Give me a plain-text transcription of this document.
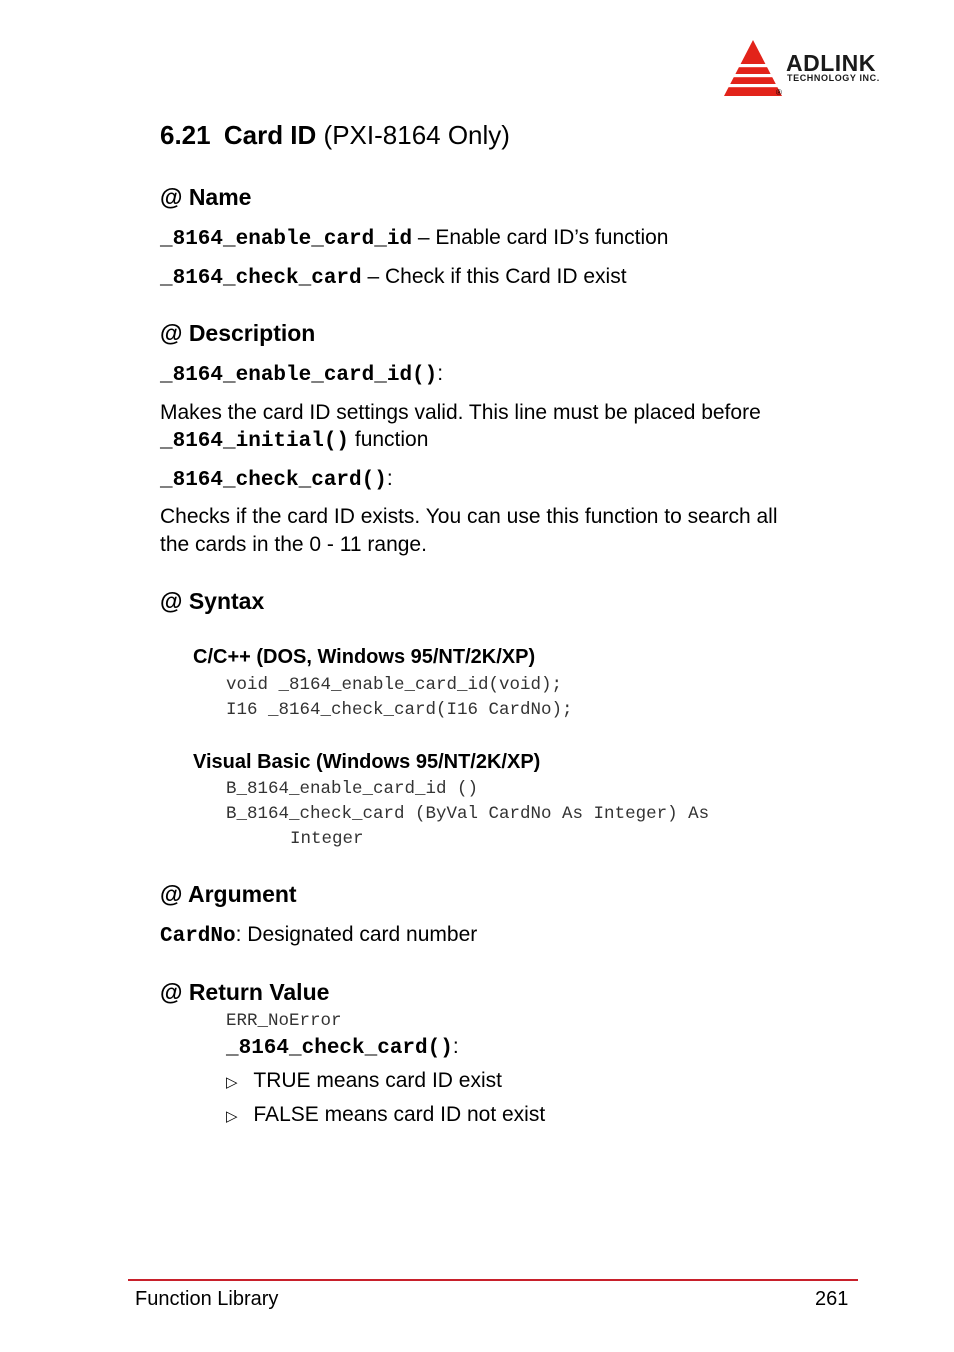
ADLINK
TECHNOLOGY INC.
®
6.21 Card ID (PXI-8164 Only)
@ Name
_8164_enable_card_id – Enable card ID’s function
_8164_check_card – Check if this Card ID exist
@ Description
_8164_enable_card_id():
Makes the card ID settings valid. This line must be placed before
_8164_initial() function
_8164_check_card():
Checks if the card ID exists. You can use this function to search all
the cards in the 0 - 11 range.
@ Syntax
C/C++ (DOS, Windows 95/NT/2K/XP)
void _8164_enable_card_id(void);
I16 _8164_check_card(I16 CardNo);
Visual Basic (Windows 95/NT/2K/XP)
B_8164_enable_card_id ()
B_8164_check_card (ByVal CardNo As Integer) As
Integer
@ Argument
CardNo: Designated card number
@ Return Value
ERR_NoError
_8164_check_card():
▷ TRUE means card ID exist
▷ FALSE means card ID not exist
Function Library	261
